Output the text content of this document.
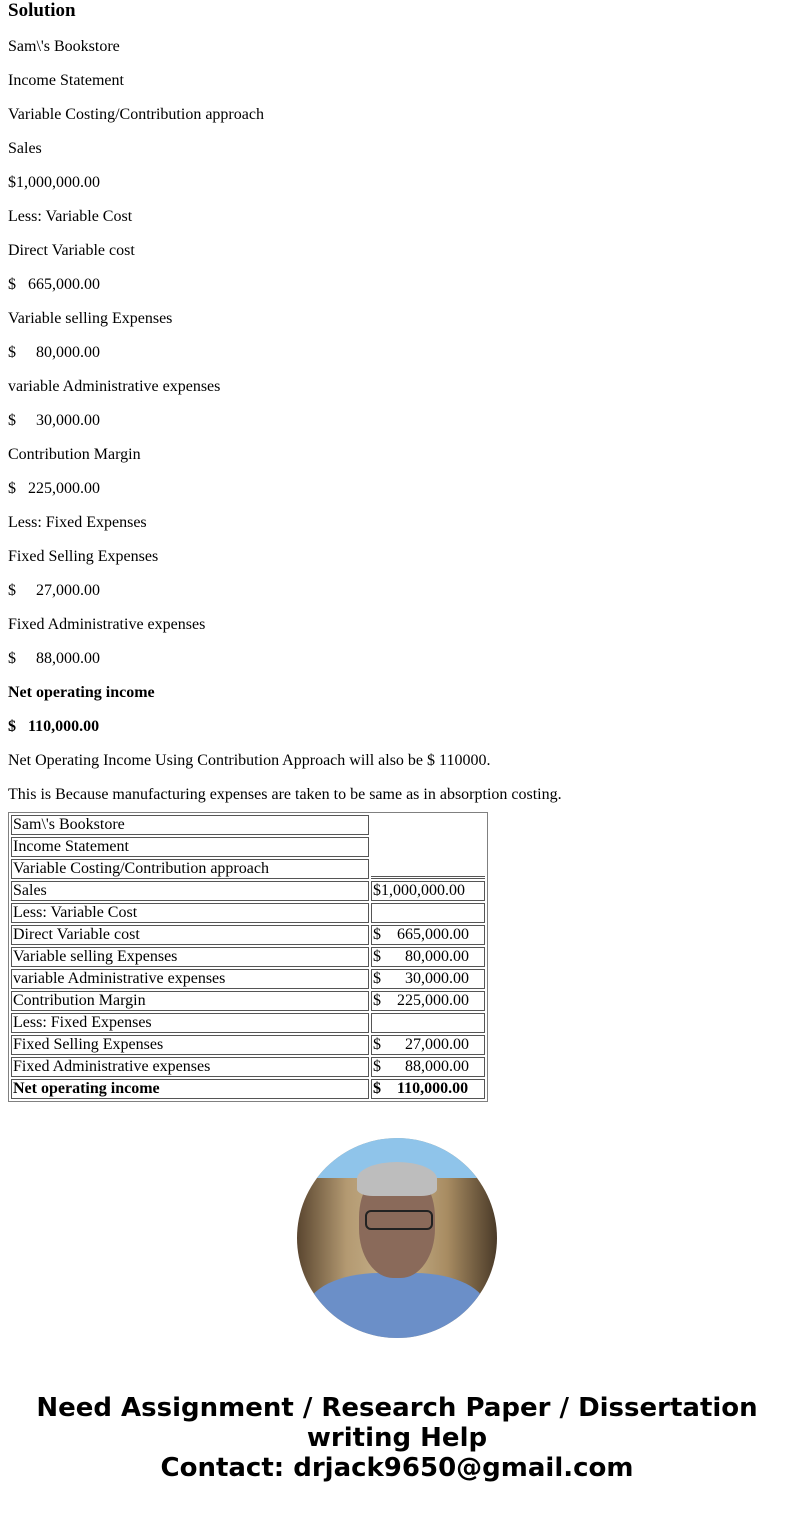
Solution

Sam\'s Bookstore

Income Statement

Variable Costing/Contribution approach

Sales

$1,000,000.00

Less: Variable Cost

Direct Variable cost

$   665,000.00

Variable selling Expenses

$     80,000.00

variable Administrative expenses

$     30,000.00

Contribution Margin

$   225,000.00

Less: Fixed Expenses

Fixed Selling Expenses

$     27,000.00

Fixed Administrative expenses

$     88,000.00

Net operating income

$   110,000.00

Net Operating Income Using Contribution Approach will also be $ 110000.

This is Because manufacturing expenses are taken to be same as in absorption costing.

Sam\'s Bookstore	
Income Statement	
Variable Costing/Contribution approach	
Sales	$1,000,000.00
Less: Variable Cost	
Direct Variable cost	$    665,000.00
Variable selling Expenses	$      80,000.00
variable Administrative expenses	$      30,000.00
Contribution Margin	$    225,000.00
Less: Fixed Expenses	
Fixed Selling Expenses	$      27,000.00
Fixed Administrative expenses	$      88,000.00
Net operating income	$    110,000.00
Need Assignment / Research Paper / Dissertation
writing Help
Contact: drjack9650@gmail.com
